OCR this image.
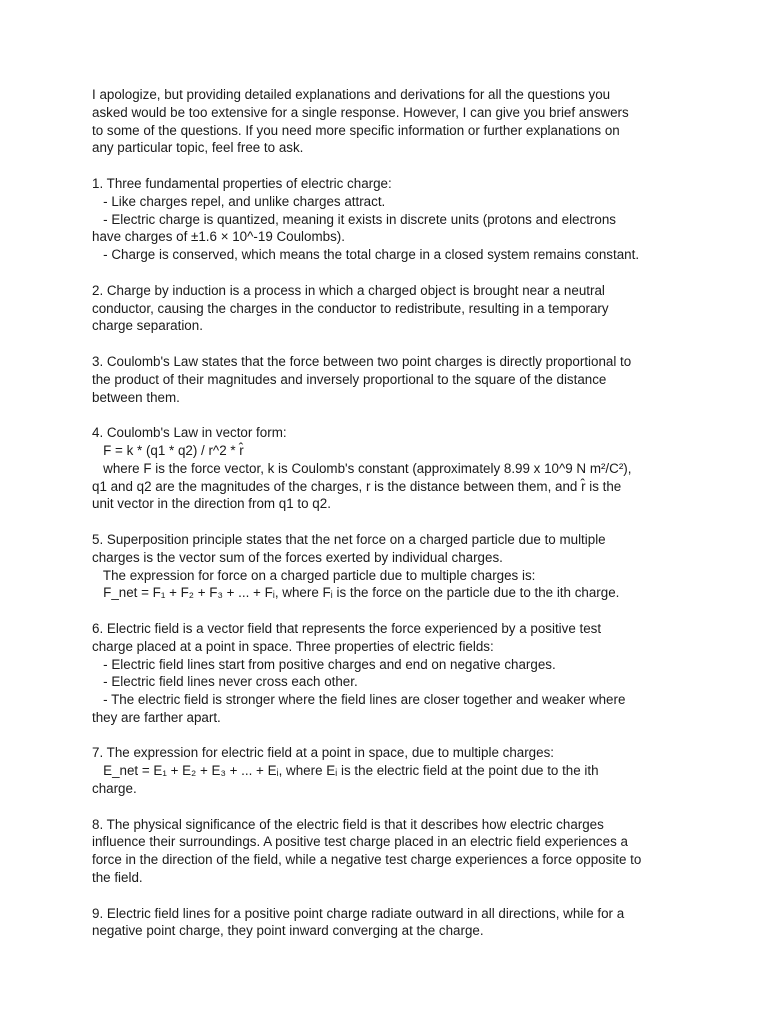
I apologize, but providing detailed explanations and derivations for all the questions you
asked would be too extensive for a single response. However, I can give you brief answers
to some of the questions. If you need more specific information or further explanations on
any particular topic, feel free to ask.

1. Three fundamental properties of electric charge:
- Like charges repel, and unlike charges attract.
- Electric charge is quantized, meaning it exists in discrete units (protons and electrons
have charges of ±1.6 × 10^-19 Coulombs).
- Charge is conserved, which means the total charge in a closed system remains constant.

2. Charge by induction is a process in which a charged object is brought near a neutral
conductor, causing the charges in the conductor to redistribute, resulting in a temporary
charge separation.

3. Coulomb's Law states that the force between two point charges is directly proportional to
the product of their magnitudes and inversely proportional to the square of the distance
between them.

4. Coulomb's Law in vector form:
F = k * (q1 * q2) / r^2 * r̂
where F is the force vector, k is Coulomb's constant (approximately 8.99 x 10^9 N m²/C²),
q1 and q2 are the magnitudes of the charges, r is the distance between them, and r̂ is the
unit vector in the direction from q1 to q2.

5. Superposition principle states that the net force on a charged particle due to multiple
charges is the vector sum of the forces exerted by individual charges.
The expression for force on a charged particle due to multiple charges is:
F_net = F₁ + F₂ + F₃ + ... + Fᵢ, where Fᵢ is the force on the particle due to the ith charge.

6. Electric field is a vector field that represents the force experienced by a positive test
charge placed at a point in space. Three properties of electric fields:
- Electric field lines start from positive charges and end on negative charges.
- Electric field lines never cross each other.
- The electric field is stronger where the field lines are closer together and weaker where
they are farther apart.

7. The expression for electric field at a point in space, due to multiple charges:
E_net = E₁ + E₂ + E₃ + ... + Eᵢ, where Eᵢ is the electric field at the point due to the ith
charge.

8. The physical significance of the electric field is that it describes how electric charges
influence their surroundings. A positive test charge placed in an electric field experiences a
force in the direction of the field, while a negative test charge experiences a force opposite to
the field.

9. Electric field lines for a positive point charge radiate outward in all directions, while for a
negative point charge, they point inward converging at the charge.
